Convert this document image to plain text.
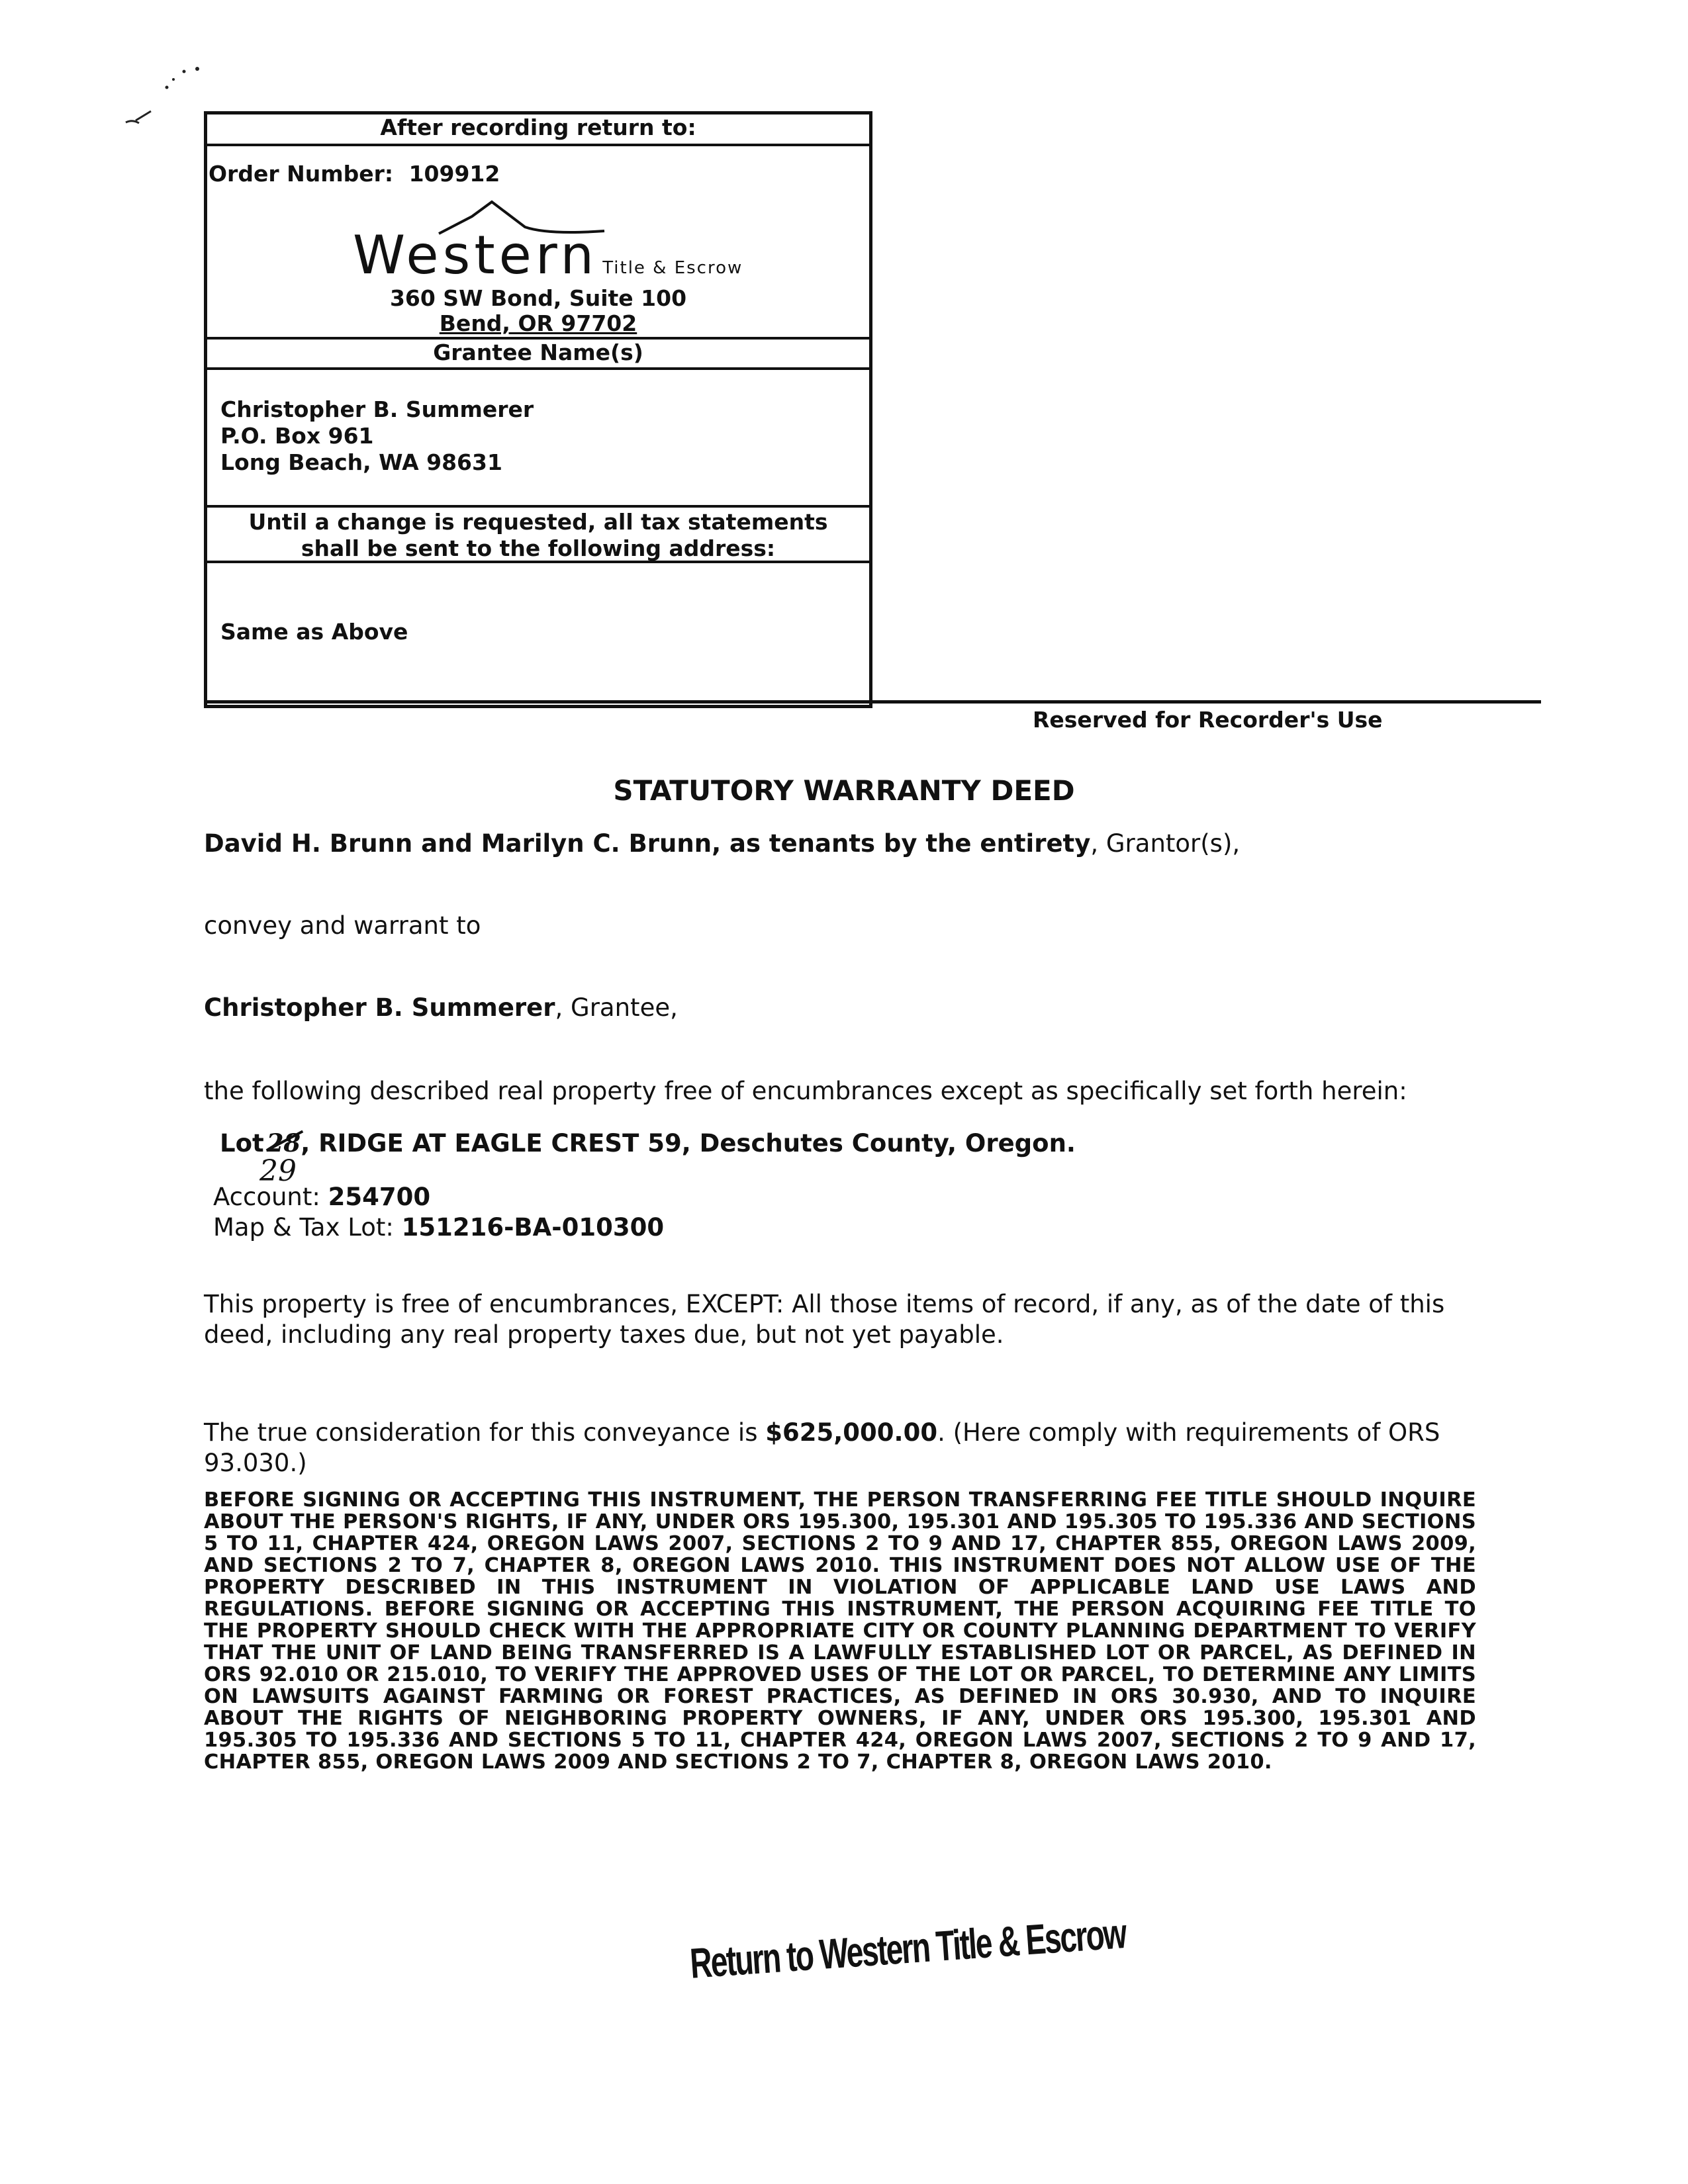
After recording return to:
Order Number: 109912
Western Title & Escrow
360 SW Bond, Suite 100
Bend, OR 97702
Grantee Name(s)
Christopher B. Summerer
P.O. Box 961
Long Beach, WA 98631
Until a change is requested, all tax statements
shall be sent to the following address:
Same as Above
Reserved for Recorder's Use
STATUTORY WARRANTY DEED
David H. Brunn and Marilyn C. Brunn, as tenants by the entirety, Grantor(s),
convey and warrant to
Christopher B. Summerer, Grantee,
the following described real property free of encumbrances except as specifically set forth herein:
Lot 28
, RIDGE AT EAGLE CREST 59, Deschutes County, Oregon.
29
Account: 254700
Map & Tax Lot: 151216-BA-010300
This property is free of encumbrances, EXCEPT: All those items of record, if any, as of the date of this deed, including any real property taxes due, but not yet payable.
The true consideration for this conveyance is $625,000.00. (Here comply with requirements of ORS 93.030.)
BEFORE SIGNING OR ACCEPTING THIS INSTRUMENT, THE PERSON TRANSFERRING FEE TITLE SHOULD INQUIRE ABOUT THE PERSON'S RIGHTS, IF ANY, UNDER ORS 195.300, 195.301 AND 195.305 TO 195.336 AND SECTIONS 5 TO 11, CHAPTER 424, OREGON LAWS 2007, SECTIONS 2 TO 9 AND 17, CHAPTER 855, OREGON LAWS 2009, AND SECTIONS 2 TO 7, CHAPTER 8, OREGON LAWS 2010. THIS INSTRUMENT DOES NOT ALLOW USE OF THE PROPERTY DESCRIBED IN THIS INSTRUMENT IN VIOLATION OF APPLICABLE LAND USE LAWS AND REGULATIONS. BEFORE SIGNING OR ACCEPTING THIS INSTRUMENT, THE PERSON ACQUIRING FEE TITLE TO THE PROPERTY SHOULD CHECK WITH THE APPROPRIATE CITY OR COUNTY PLANNING DEPARTMENT TO VERIFY THAT THE UNIT OF LAND BEING TRANSFERRED IS A LAWFULLY ESTABLISHED LOT OR PARCEL, AS DEFINED IN ORS 92.010 OR 215.010, TO VERIFY THE APPROVED USES OF THE LOT OR PARCEL, TO DETERMINE ANY LIMITS ON LAWSUITS AGAINST FARMING OR FOREST PRACTICES, AS DEFINED IN ORS 30.930, AND TO INQUIRE ABOUT THE RIGHTS OF NEIGHBORING PROPERTY OWNERS, IF ANY, UNDER ORS 195.300, 195.301 AND 195.305 TO 195.336 AND SECTIONS 5 TO 11, CHAPTER 424, OREGON LAWS 2007, SECTIONS 2 TO 9 AND 17, CHAPTER 855, OREGON LAWS 2009 AND SECTIONS 2 TO 7, CHAPTER 8, OREGON LAWS 2010.
Return to Western Title & Escrow
